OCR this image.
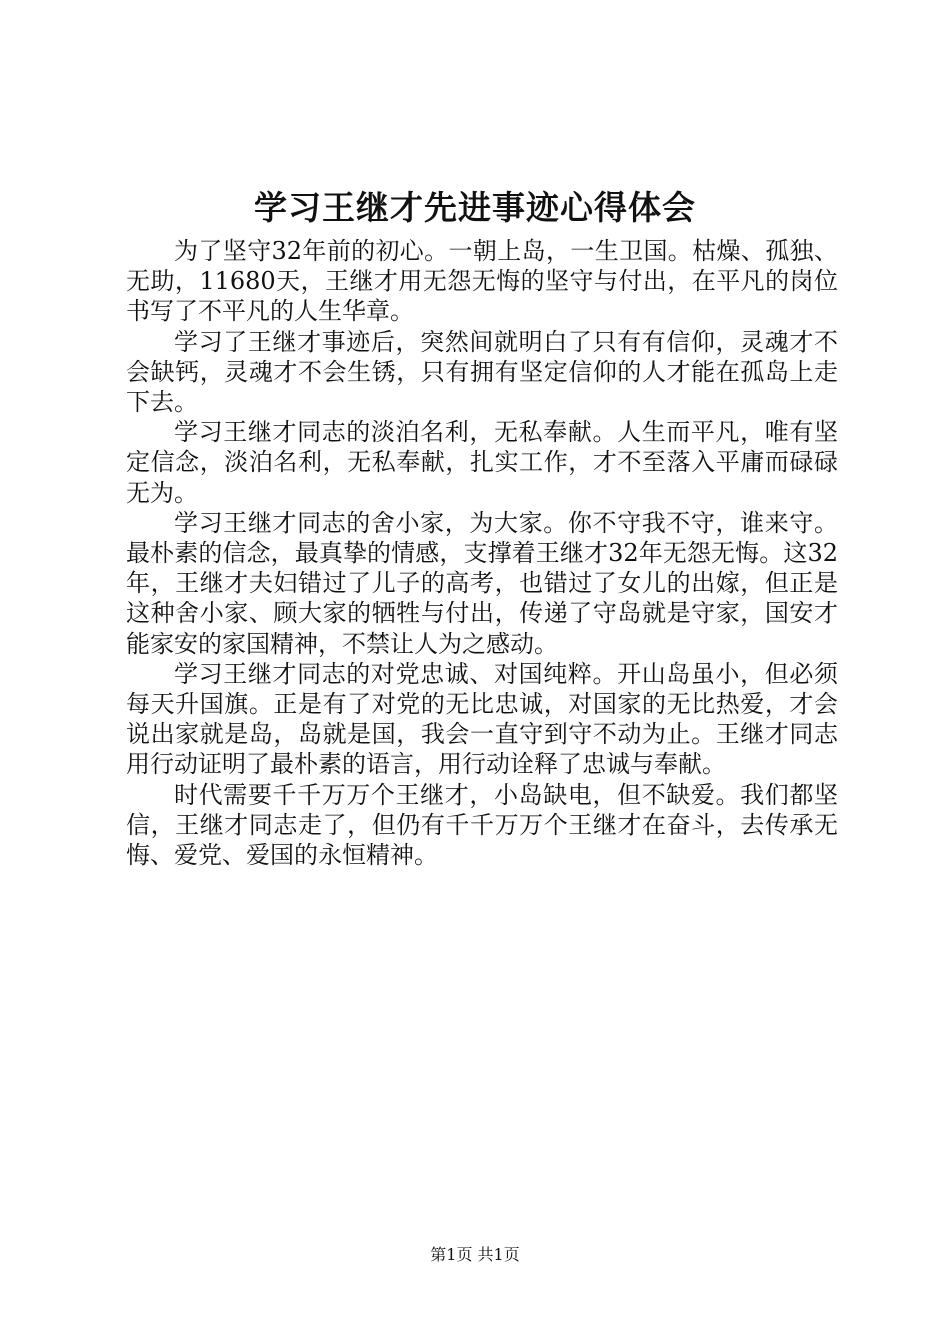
学习王继才先进事迹心得体会

为了坚守32年前的初心。一朝上岛，一生卫国。枯燥、孤独、无助，11680天，王继才用无怨无悔的坚守与付出，在平凡的岗位书写了不平凡的人生华章。

学习了王继才事迹后，突然间就明白了只有有信仰，灵魂才不会缺钙，灵魂才不会生锈，只有拥有坚定信仰的人才能在孤岛上走下去。

学习王继才同志的淡泊名利，无私奉献。人生而平凡，唯有坚定信念，淡泊名利，无私奉献，扎实工作，才不至落入平庸而碌碌无为。

学习王继才同志的舍小家，为大家。你不守我不守，谁来守。最朴素的信念，最真挚的情感，支撑着王继才32年无怨无悔。这32年，王继才夫妇错过了儿子的高考，也错过了女儿的出嫁，但正是这种舍小家、顾大家的牺牲与付出，传递了守岛就是守家，国安才能家安的家国精神，不禁让人为之感动。

学习王继才同志的对党忠诚、对国纯粹。开山岛虽小，但必须每天升国旗。正是有了对党的无比忠诚，对国家的无比热爱，才会说出家就是岛，岛就是国，我会一直守到守不动为止。王继才同志用行动证明了最朴素的语言，用行动诠释了忠诚与奉献。

时代需要千千万万个王继才，小岛缺电，但不缺爱。我们都坚信，王继才同志走了，但仍有千千万万个王继才在奋斗，去传承无悔、爱党、爱国的永恒精神。

第1页 共1页
